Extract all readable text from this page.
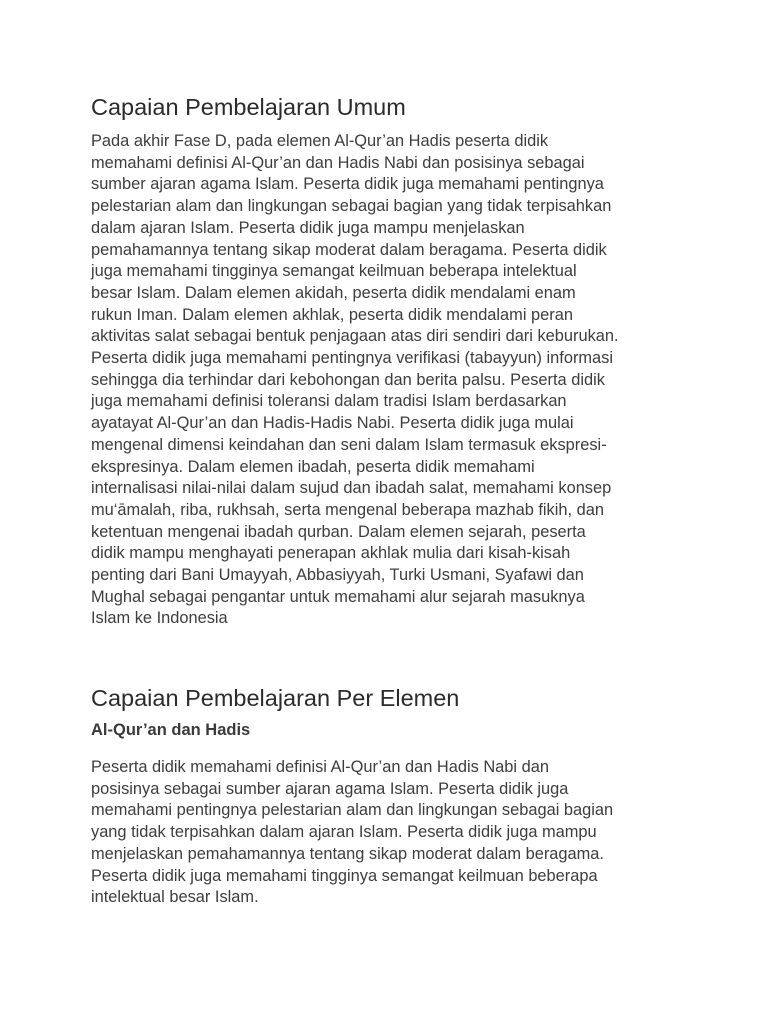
Capaian Pembelajaran Umum

Pada akhir Fase D, pada elemen Al-Qur’an Hadis peserta didik
memahami definisi Al-Qur’an dan Hadis Nabi dan posisinya sebagai
sumber ajaran agama Islam. Peserta didik juga memahami pentingnya
pelestarian alam dan lingkungan sebagai bagian yang tidak terpisahkan
dalam ajaran Islam. Peserta didik juga mampu menjelaskan
pemahamannya tentang sikap moderat dalam beragama. Peserta didik
juga memahami tingginya semangat keilmuan beberapa intelektual
besar Islam. Dalam elemen akidah, peserta didik mendalami enam
rukun Iman. Dalam elemen akhlak, peserta didik mendalami peran
aktivitas salat sebagai bentuk penjagaan atas diri sendiri dari keburukan.
Peserta didik juga memahami pentingnya verifikasi (tabayyun) informasi
sehingga dia terhindar dari kebohongan dan berita palsu. Peserta didik
juga memahami definisi toleransi dalam tradisi Islam berdasarkan
ayatayat Al-Qur’an dan Hadis-Hadis Nabi. Peserta didik juga mulai
mengenal dimensi keindahan dan seni dalam Islam termasuk ekspresi-
ekspresinya. Dalam elemen ibadah, peserta didik memahami
internalisasi nilai-nilai dalam sujud dan ibadah salat, memahami konsep
mu‘āmalah, riba, rukhsah, serta mengenal beberapa mazhab fikih, dan
ketentuan mengenai ibadah qurban. Dalam elemen sejarah, peserta
didik mampu menghayati penerapan akhlak mulia dari kisah-kisah
penting dari Bani Umayyah, Abbasiyyah, Turki Usmani, Syafawi dan
Mughal sebagai pengantar untuk memahami alur sejarah masuknya
Islam ke Indonesia

Capaian Pembelajaran Per Elemen
Al-Qur’an dan Hadis

Peserta didik memahami definisi Al-Qur’an dan Hadis Nabi dan
posisinya sebagai sumber ajaran agama Islam. Peserta didik juga
memahami pentingnya pelestarian alam dan lingkungan sebagai bagian
yang tidak terpisahkan dalam ajaran Islam. Peserta didik juga mampu
menjelaskan pemahamannya tentang sikap moderat dalam beragama.
Peserta didik juga memahami tingginya semangat keilmuan beberapa
intelektual besar Islam.
